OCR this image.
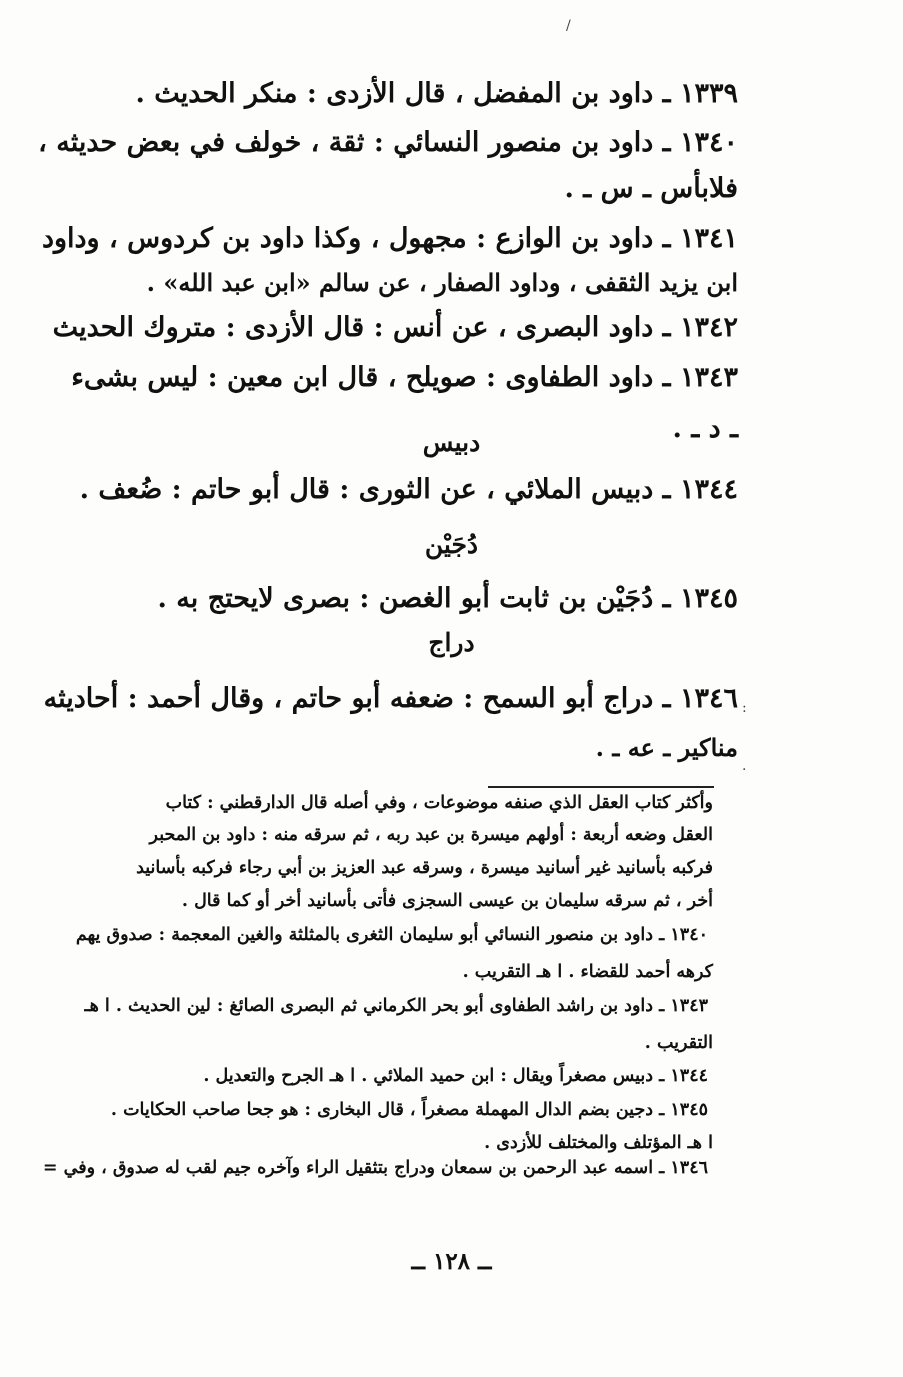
١٣٣٩ ـ داود بن المفضل ، قال الأزدى : منكر الحديث .
١٣٤٠ ـ داود بن منصور النسائي : ثقة ، خولف في بعض حديثه ،
فلابأس ـ س ـ .
١٣٤١ ـ داود بن الوازع : مجهول ، وكذا داود بن كردوس ، وداود
ابن يزيد الثقفى ، وداود الصفار ، عن سالم «ابن عبد الله» .
١٣٤٢ ـ داود البصرى ، عن أنس : قال الأزدى : متروك الحديث
١٣٤٣ ـ داود الطفاوى : صويلح ، قال ابن معين : ليس بشىء
ـ د ـ .
دبيس
١٣٤٤ ـ دبيس الملائي ، عن الثورى : قال أبو حاتم : ضُعف .
دُجَيْن
١٣٤٥ ـ دُجَيْن بن ثابت أبو الغصن : بصرى لايحتج به .
دراج
١٣٤٦ ـ دراج أبو السمح : ضعفه أبو حاتم ، وقال أحمد : أحاديثه
مناكير ـ عه ـ .
وأكثر كتاب العقل الذي صنفه موضوعات ، وفي أصله قال الدارقطني : كتاب
العقل وضعه أربعة : أولهم ميسرة بن عبد ربه ، ثم سرقه منه : داود بن المحبر
فركبه بأسانيد غير أسانيد ميسرة ، وسرقه عبد العزيز بن أبي رجاء فركبه بأسانيد
أخر ، ثم سرقه سليمان بن عيسى السجزى فأتى بأسانيد أخر أو كما قال .
١٣٤٠ ـ داود بن منصور النسائي أبو سليمان الثغرى بالمثلثة والغين المعجمة : صدوق يهم
كرهه أحمد للقضاء . ا هـ التقريب .
١٣٤٣ ـ داود بن راشد الطفاوى أبو بحر الكرماني ثم البصرى الصائغ : لين الحديث . ا هـ
التقريب .
١٣٤٤ ـ دبيس مصغراً ويقال : ابن حميد الملائي . ا هـ الجرح والتعديل .
١٣٤٥ ـ دجين بضم الدال المهملة مصغراً ، قال البخارى : هو جحا صاحب الحكايات .
ا هـ المؤتلف والمختلف للأزدى .
١٣٤٦ ـ اسمه عبد الرحمن بن سمعان ودراج بتثقيل الراء وآخره جيم لقب له صدوق ، وفي =
ــ ١٢٨ ــ
/
·
:
